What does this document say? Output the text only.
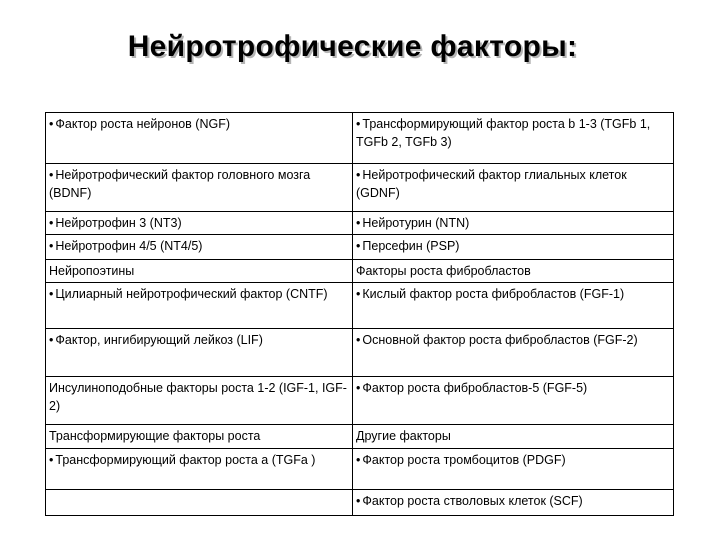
Нейротрофические факторы:
• Фактор роста нейронов (NGF)	• Трансформирующий фактор роста b 1-3 (TGFb 1, TGFb 2, TGFb 3)
• Нейротрофический фактор головного мозга (BDNF)	• Нейротрофический фактор глиальных клеток (GDNF)
• Нейротрофин 3 (NT3)	• Нейротурин (NTN)
• Нейротрофин 4/5 (NT4/5)	• Персефин (PSP)
Нейропоэтины	Факторы роста фибробластов
• Цилиарный нейротрофический фактор (CNTF)	• Кислый фактор роста фибробластов (FGF-1)
• Фактор, ингибирующий лейкоз (LIF)	• Основной фактор роста фибробластов (FGF-2)
Инсулиноподобные факторы роста 1-2 (IGF-1, IGF-2)	• Фактор роста фибробластов-5 (FGF-5)
Трансформирующие факторы роста	Другие факторы
• Трансформирующий фактор роста a (TGFa )	• Фактор роста тромбоцитов (PDGF)
	• Фактор роста стволовых клеток (SCF)
